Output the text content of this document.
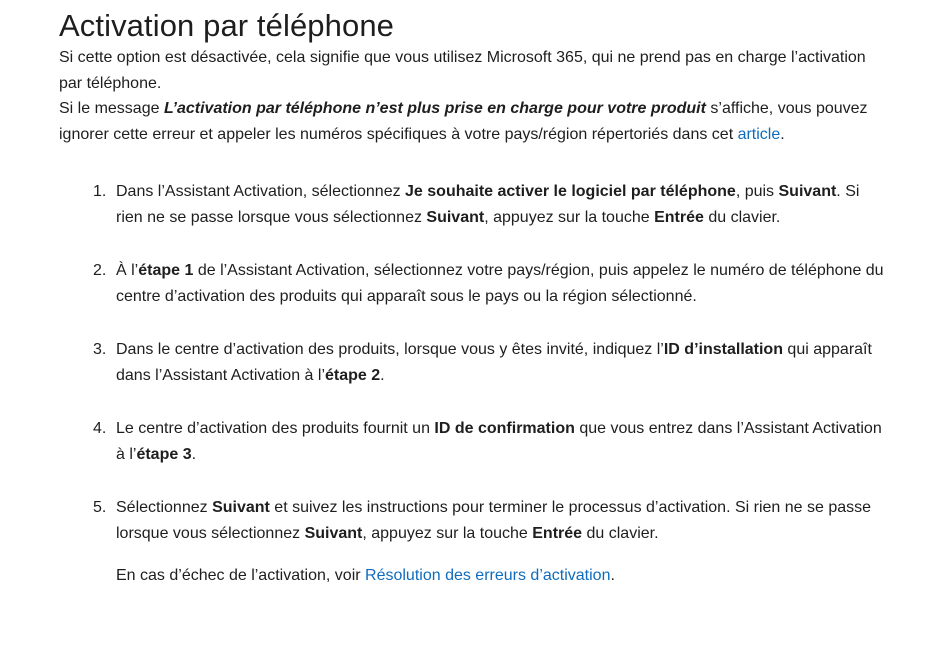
Activation par téléphone

Si cette option est désactivée, cela signifie que vous utilisez Microsoft 365, qui ne prend pas en charge l’activation par téléphone.

Si le message L’activation par téléphone n’est plus prise en charge pour votre produit s’affiche, vous pouvez ignorer cette erreur et appeler les numéros spécifiques à votre pays/région répertoriés dans cet article.

1. Dans l’Assistant Activation, sélectionnez Je souhaite activer le logiciel par téléphone, puis Suivant. Si rien ne se passe lorsque vous sélectionnez Suivant, appuyez sur la touche Entrée du clavier.
2. À l’étape 1 de l’Assistant Activation, sélectionnez votre pays/région, puis appelez le numéro de téléphone du centre d’activation des produits qui apparaît sous le pays ou la région sélectionné.
3. Dans le centre d’activation des produits, lorsque vous y êtes invité, indiquez l’ID d’installation qui apparaît dans l’Assistant Activation à l’étape 2.
4. Le centre d’activation des produits fournit un ID de confirmation que vous entrez dans l’Assistant Activation à l’étape 3.
5. Sélectionnez Suivant et suivez les instructions pour terminer le processus d’activation. Si rien ne se passe lorsque vous sélectionnez Suivant, appuyez sur la touche Entrée du clavier.

En cas d’échec de l’activation, voir Résolution des erreurs d’activation.
